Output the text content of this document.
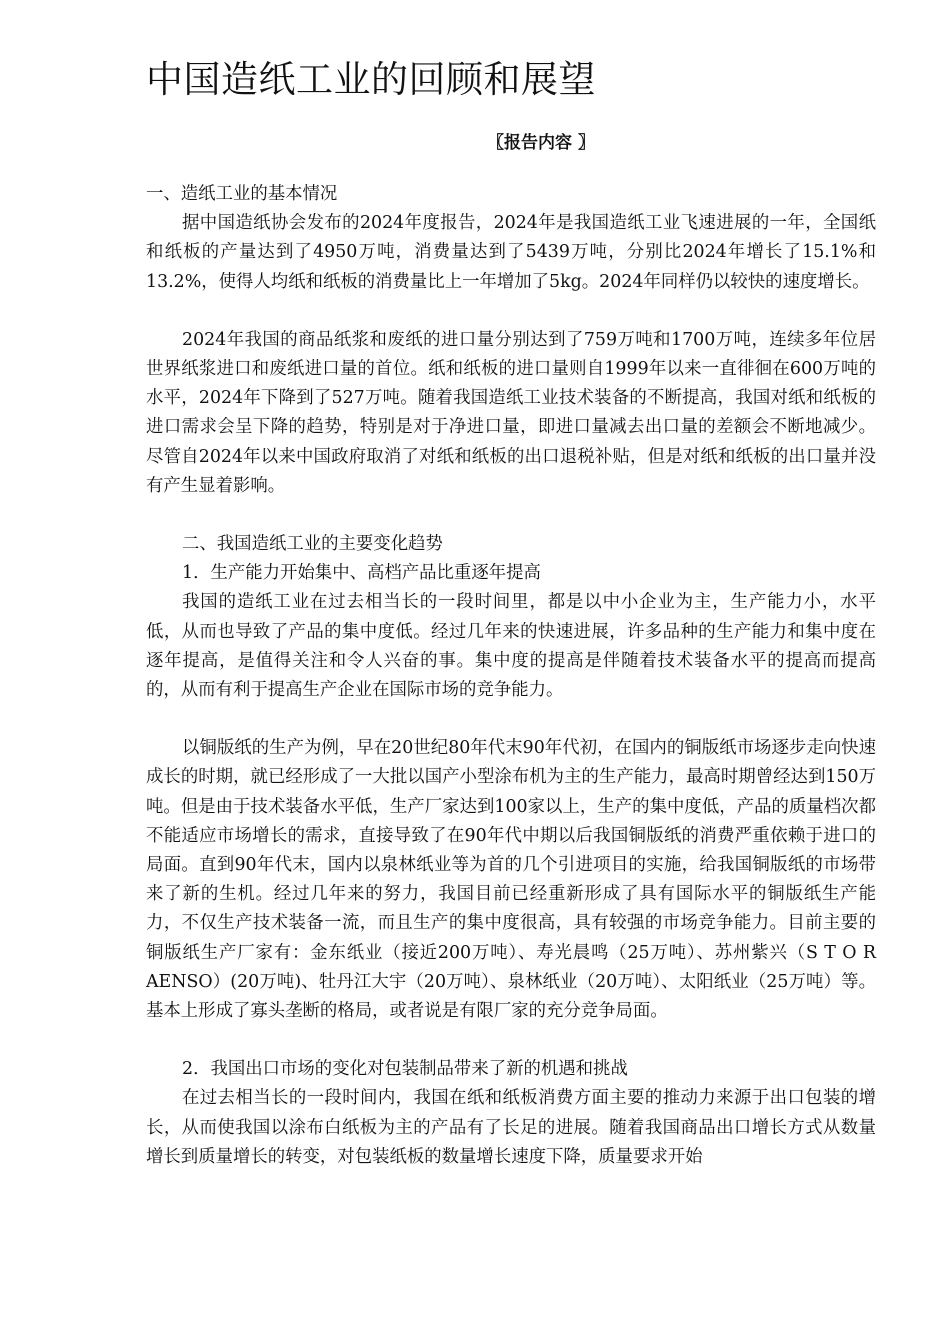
中国造纸工业的回顾和展望
〖报告内容 〗

一、造纸工业的基本情况

据中国造纸协会发布的2024年度报告，2024年是我国造纸工业飞速进展的一年，全国纸和纸板的产量达到了4950万吨，消费量达到了5439万吨，分别比2024年增长了15.1%和13.2%，使得人均纸和纸板的消费量比上一年增加了5kg。2024年同样仍以较快的速度增长。

2024年我国的商品纸浆和废纸的进口量分别达到了759万吨和1700万吨，连续多年位居世界纸浆进口和废纸进口量的首位。纸和纸板的进口量则自1999年以来一直徘徊在600万吨的水平，2024年下降到了527万吨。随着我国造纸工业技术装备的不断提高，我国对纸和纸板的进口需求会呈下降的趋势，特别是对于净进口量，即进口量减去出口量的差额会不断地减少。尽管自2024年以来中国政府取消了对纸和纸板的出口退税补贴，但是对纸和纸板的出口量并没有产生显着影响。

二、我国造纸工业的主要变化趋势

1．生产能力开始集中、高档产品比重逐年提高

我国的造纸工业在过去相当长的一段时间里，都是以中小企业为主，生产能力小，水平低，从而也导致了产品的集中度低。经过几年来的快速进展，许多品种的生产能力和集中度在逐年提高，是值得关注和令人兴奋的事。集中度的提高是伴随着技术装备水平的提高而提高的，从而有利于提高生产企业在国际市场的竞争能力。

以铜版纸的生产为例，早在20世纪80年代末90年代初，在国内的铜版纸市场逐步走向快速成长的时期，就已经形成了一大批以国产小型涂布机为主的生产能力，最高时期曾经达到150万吨。但是由于技术装备水平低，生产厂家达到100家以上，生产的集中度低，产品的质量档次都不能适应市场增长的需求，直接导致了在90年代中期以后我国铜版纸的消费严重依赖于进口的局面。直到90年代末，国内以泉林纸业等为首的几个引进项目的实施，给我国铜版纸的市场带来了新的生机。经过几年来的努力，我国目前已经重新形成了具有国际水平的铜版纸生产能力，不仅生产技术装备一流，而且生产的集中度很高，具有较强的市场竞争能力。目前主要的铜版纸生产厂家有：金东纸业（接近200万吨）、寿光晨鸣（25万吨）、苏州紫兴（S T O R AENSO）(20万吨)、牡丹江大宇（20万吨）、泉林纸业（20万吨）、太阳纸业（25万吨）等。基本上形成了寡头垄断的格局，或者说是有限厂家的充分竞争局面。

2．我国出口市场的变化对包装制品带来了新的机遇和挑战

在过去相当长的一段时间内，我国在纸和纸板消费方面主要的推动力来源于出口包装的增长，从而使我国以涂布白纸板为主的产品有了长足的进展。随着我国商品出口增长方式从数量增长到质量增长的转变，对包装纸板的数量增长速度下降，质量要求开始
